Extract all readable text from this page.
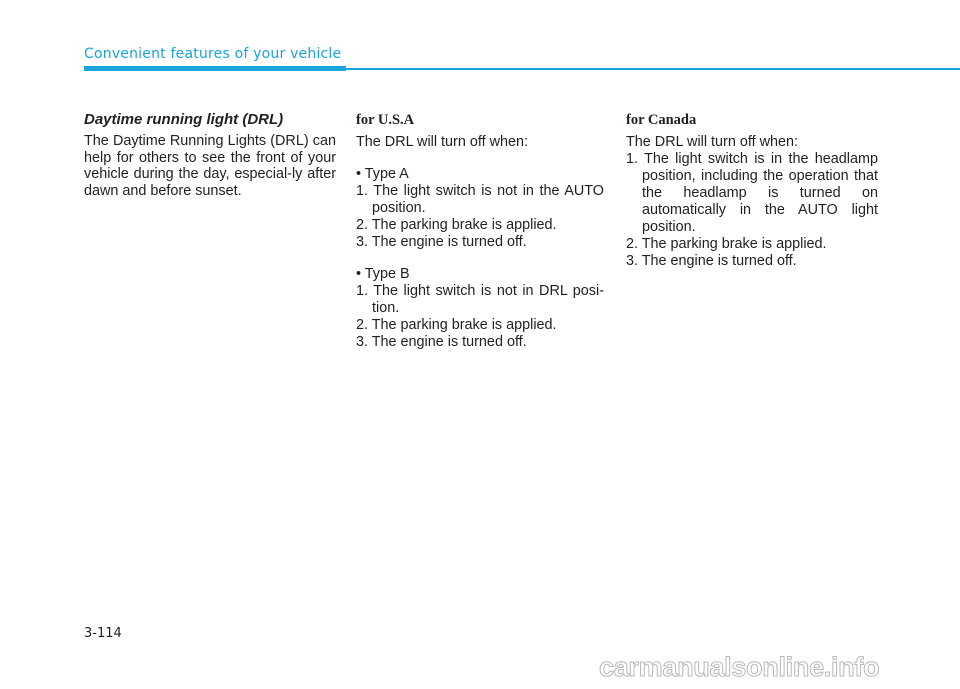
Convenient features of your vehicle

Daytime running light (DRL)

The Daytime Running Lights (DRL) can help for others to see the front of your vehicle during the day, especial-ly after dawn and before sunset.

for U.S.A

The DRL will turn off when:

• Type A

1. The light switch is not in the AUTO position.

2. The parking brake is applied.

3. The engine is turned off.

• Type B

1. The light switch is not in DRL posi-tion.

2. The parking brake is applied.

3. The engine is turned off.

for Canada

The DRL will turn off when:

1. The light switch is in the headlamp position, including the operation that the headlamp is turned on automatically in the AUTO light position.

2. The parking brake is applied.

3. The engine is turned off.

3-114
carmanualsonline.info
